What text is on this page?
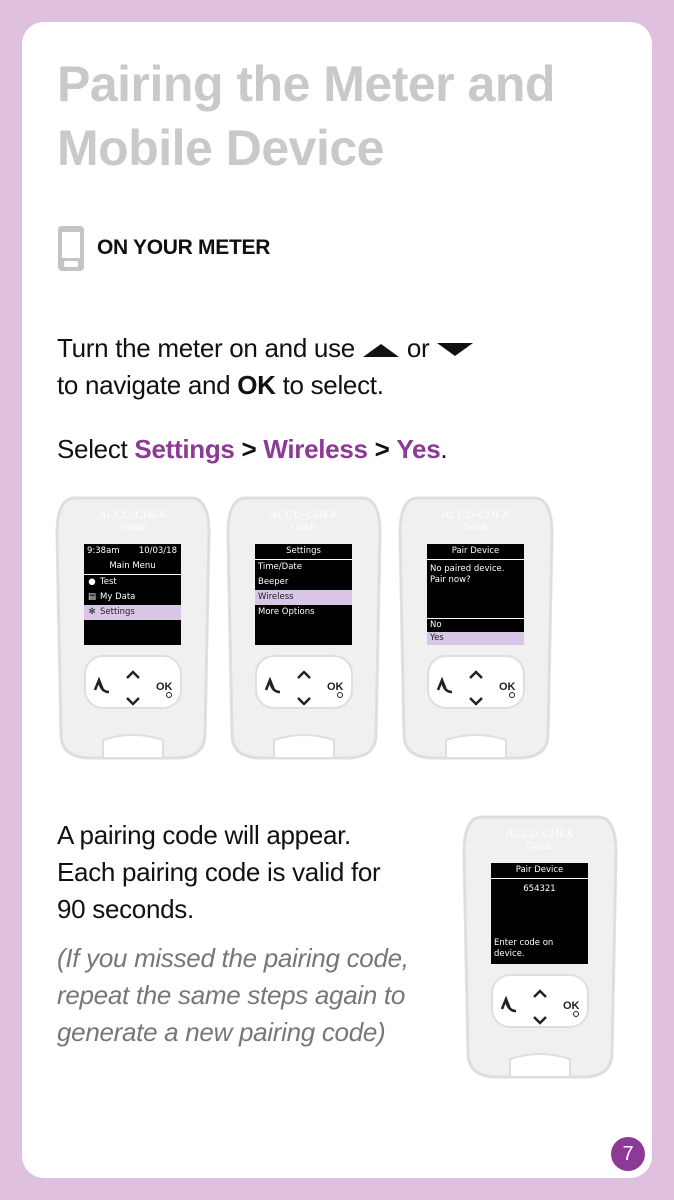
Pairing the Meter and
Mobile Device
ON YOUR METER
Turn the meter on and use or
to navigate and OK to select.
Select Settings > Wireless > Yes.
ACCU-CHEK
Guide
9:38am 10/03/18
Main Menu
● Test
▤ My Data
✻ Settings
OK
ACCU-CHEK
Guide
Settings
Time/Date
Beeper
Wireless
More Options
OK
ACCU-CHEK
Guide
Pair Device
No paired device. Pair now?
No
Yes
OK
A pairing code will appear.
Each pairing code is valid for
90 seconds.
(If you missed the pairing code,
repeat the same steps again to
generate a new pairing code)
ACCU-CHEK
Guide
Pair Device
654321
Enter code on device.
OK
7
